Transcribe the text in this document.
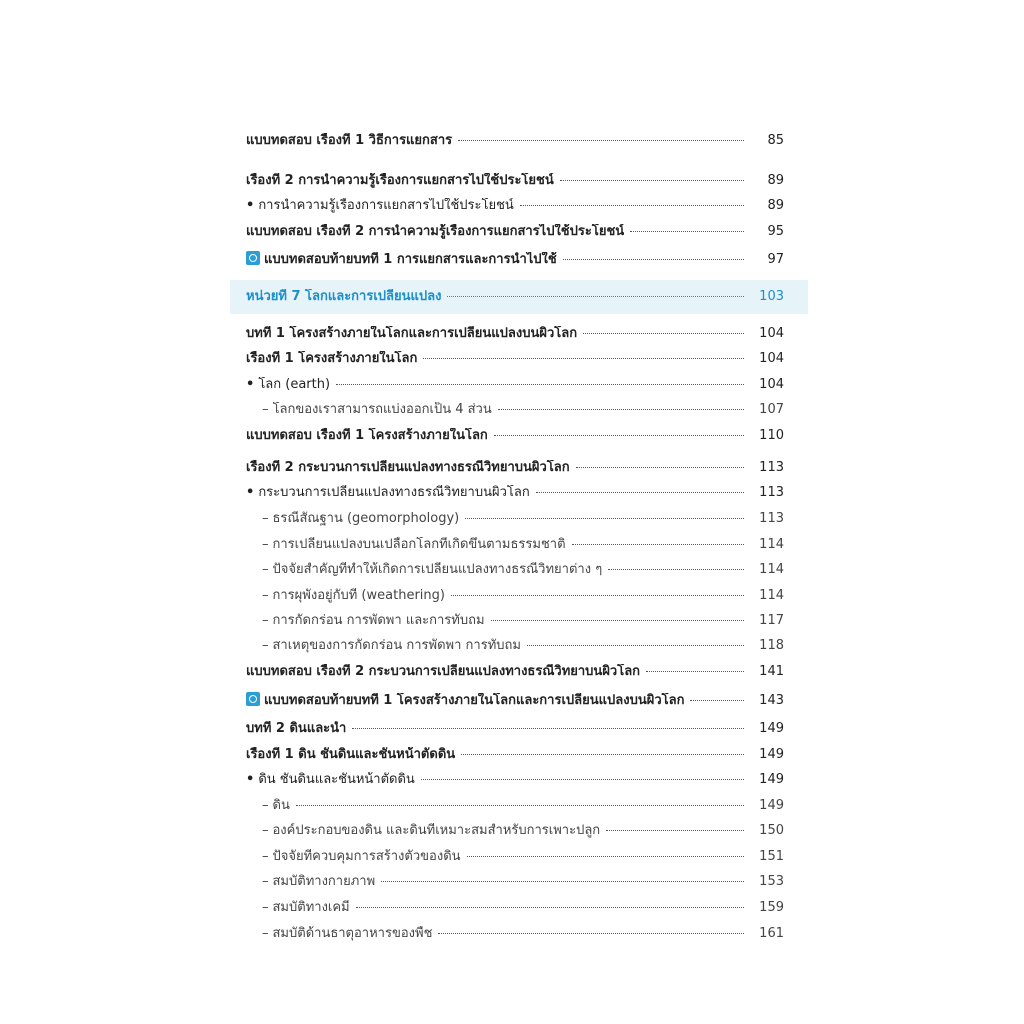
แบบทดสอบ เรื่องที่ 1 วิธีการแยกสาร	85
เรื่องที่ 2 การนำความรู้เรื่องการแยกสารไปใช้ประโยชน์	89
• การนำความรู้เรื่องการแยกสารไปใช้ประโยชน์	89
แบบทดสอบ เรื่องที่ 2 การนำความรู้เรื่องการแยกสารไปใช้ประโยชน์	95
แบบทดสอบท้ายบทที่ 1 การแยกสารและการนำไปใช้	97
หน่วยที่ 7 โลกและการเปลี่ยนแปลง	103
บทที่ 1 โครงสร้างภายในโลกและการเปลี่ยนแปลงบนผิวโลก	104
เรื่องที่ 1 โครงสร้างภายในโลก	104
• โลก (earth)	104
– โลกของเราสามารถแบ่งออกเป็น 4 ส่วน	107
แบบทดสอบ เรื่องที่ 1 โครงสร้างภายในโลก	110
เรื่องที่ 2 กระบวนการเปลี่ยนแปลงทางธรณีวิทยาบนผิวโลก	113
• กระบวนการเปลี่ยนแปลงทางธรณีวิทยาบนผิวโลก	113
– ธรณีสัณฐาน (geomorphology)	113
– การเปลี่ยนแปลงบนเปลือกโลกที่เกิดขึ้นตามธรรมชาติ	114
– ปัจจัยสำคัญที่ทำให้เกิดการเปลี่ยนแปลงทางธรณีวิทยาต่าง ๆ	114
– การผุพังอยู่กับที่ (weathering)	114
– การกัดกร่อน การพัดพา และการทับถม	117
– สาเหตุของการกัดกร่อน การพัดพา การทับถม	118
แบบทดสอบ เรื่องที่ 2 กระบวนการเปลี่ยนแปลงทางธรณีวิทยาบนผิวโลก	141
แบบทดสอบท้ายบทที่ 1 โครงสร้างภายในโลกและการเปลี่ยนแปลงบนผิวโลก	143
บทที่ 2 ดินและน้ำ	149
เรื่องที่ 1 ดิน ชั้นดินและชั้นหน้าตัดดิน	149
• ดิน ชั้นดินและชั้นหน้าตัดดิน	149
– ดิน	149
– องค์ประกอบของดิน และดินที่เหมาะสมสำหรับการเพาะปลูก	150
– ปัจจัยที่ควบคุมการสร้างตัวของดิน	151
– สมบัติทางกายภาพ	153
– สมบัติทางเคมี	159
– สมบัติด้านธาตุอาหารของพืช	161
